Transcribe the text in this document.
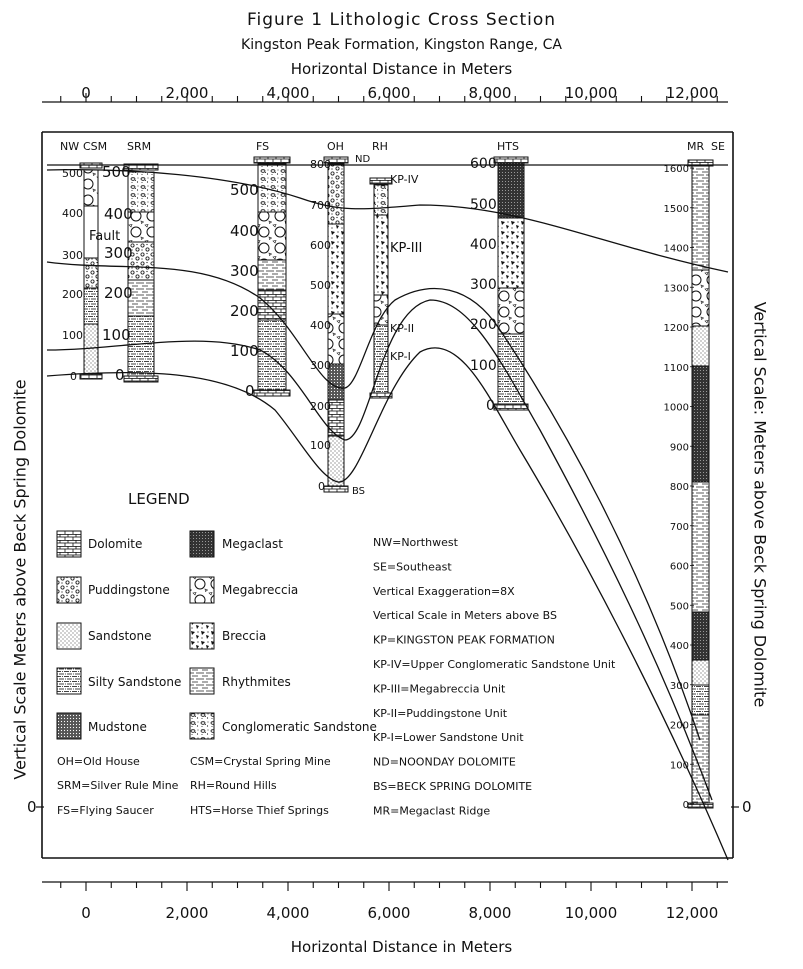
Figure 1 Lithologic Cross Section
Kingston Peak Formation, Kingston Range, CA
Horizontal Distance in Meters
Horizontal Distance in Meters
Vertical Scale Meters above Beck Spring Dolomite	Vertical Scale: Meters above Beck Spring Dolomite
0	2,000	4,000	6,000	8,000	10,000	12,000
0	2,000	4,000	6,000	8,000	10,000	12,000
0	0
NW	SE
CSM SRM	FS	OH	RH	HTS	MR
500
400
300
200
100
0
500
400
300
200
100
0
500
400
300
200
100
0
800
700
600
500
400
300
200
100
0
600
500
400
300
200
100
0
1600
1500
1400
1300
1200
1100
1000
900
800
700
600
500
400
300
200
100
0
Fault
ND
BS
KP-IV
KP-III
KP-II
KP-I
LEGEND
Dolomite
Puddingstone
Sandstone
Silty Sandstone
Mudstone
Megaclast
Megabreccia
Breccia
Rhythmites
Conglomeratic Sandstone
OH=Old House
SRM=Silver Rule Mine
FS=Flying Saucer
CSM=Crystal Spring Mine
RH=Round Hills
HTS=Horse Thief Springs
NW=Northwest
SE=Southeast
Vertical Exaggeration=8X
Vertical Scale in Meters above BS
KP=KINGSTON PEAK FORMATION
KP-IV=Upper Conglomeratic Sandstone Unit
KP-III=Megabreccia Unit
KP-II=Puddingstone Unit
KP-I=Lower Sandstone Unit
ND=NOONDAY DOLOMITE
BS=BECK SPRING DOLOMITE
MR=Megaclast Ridge
